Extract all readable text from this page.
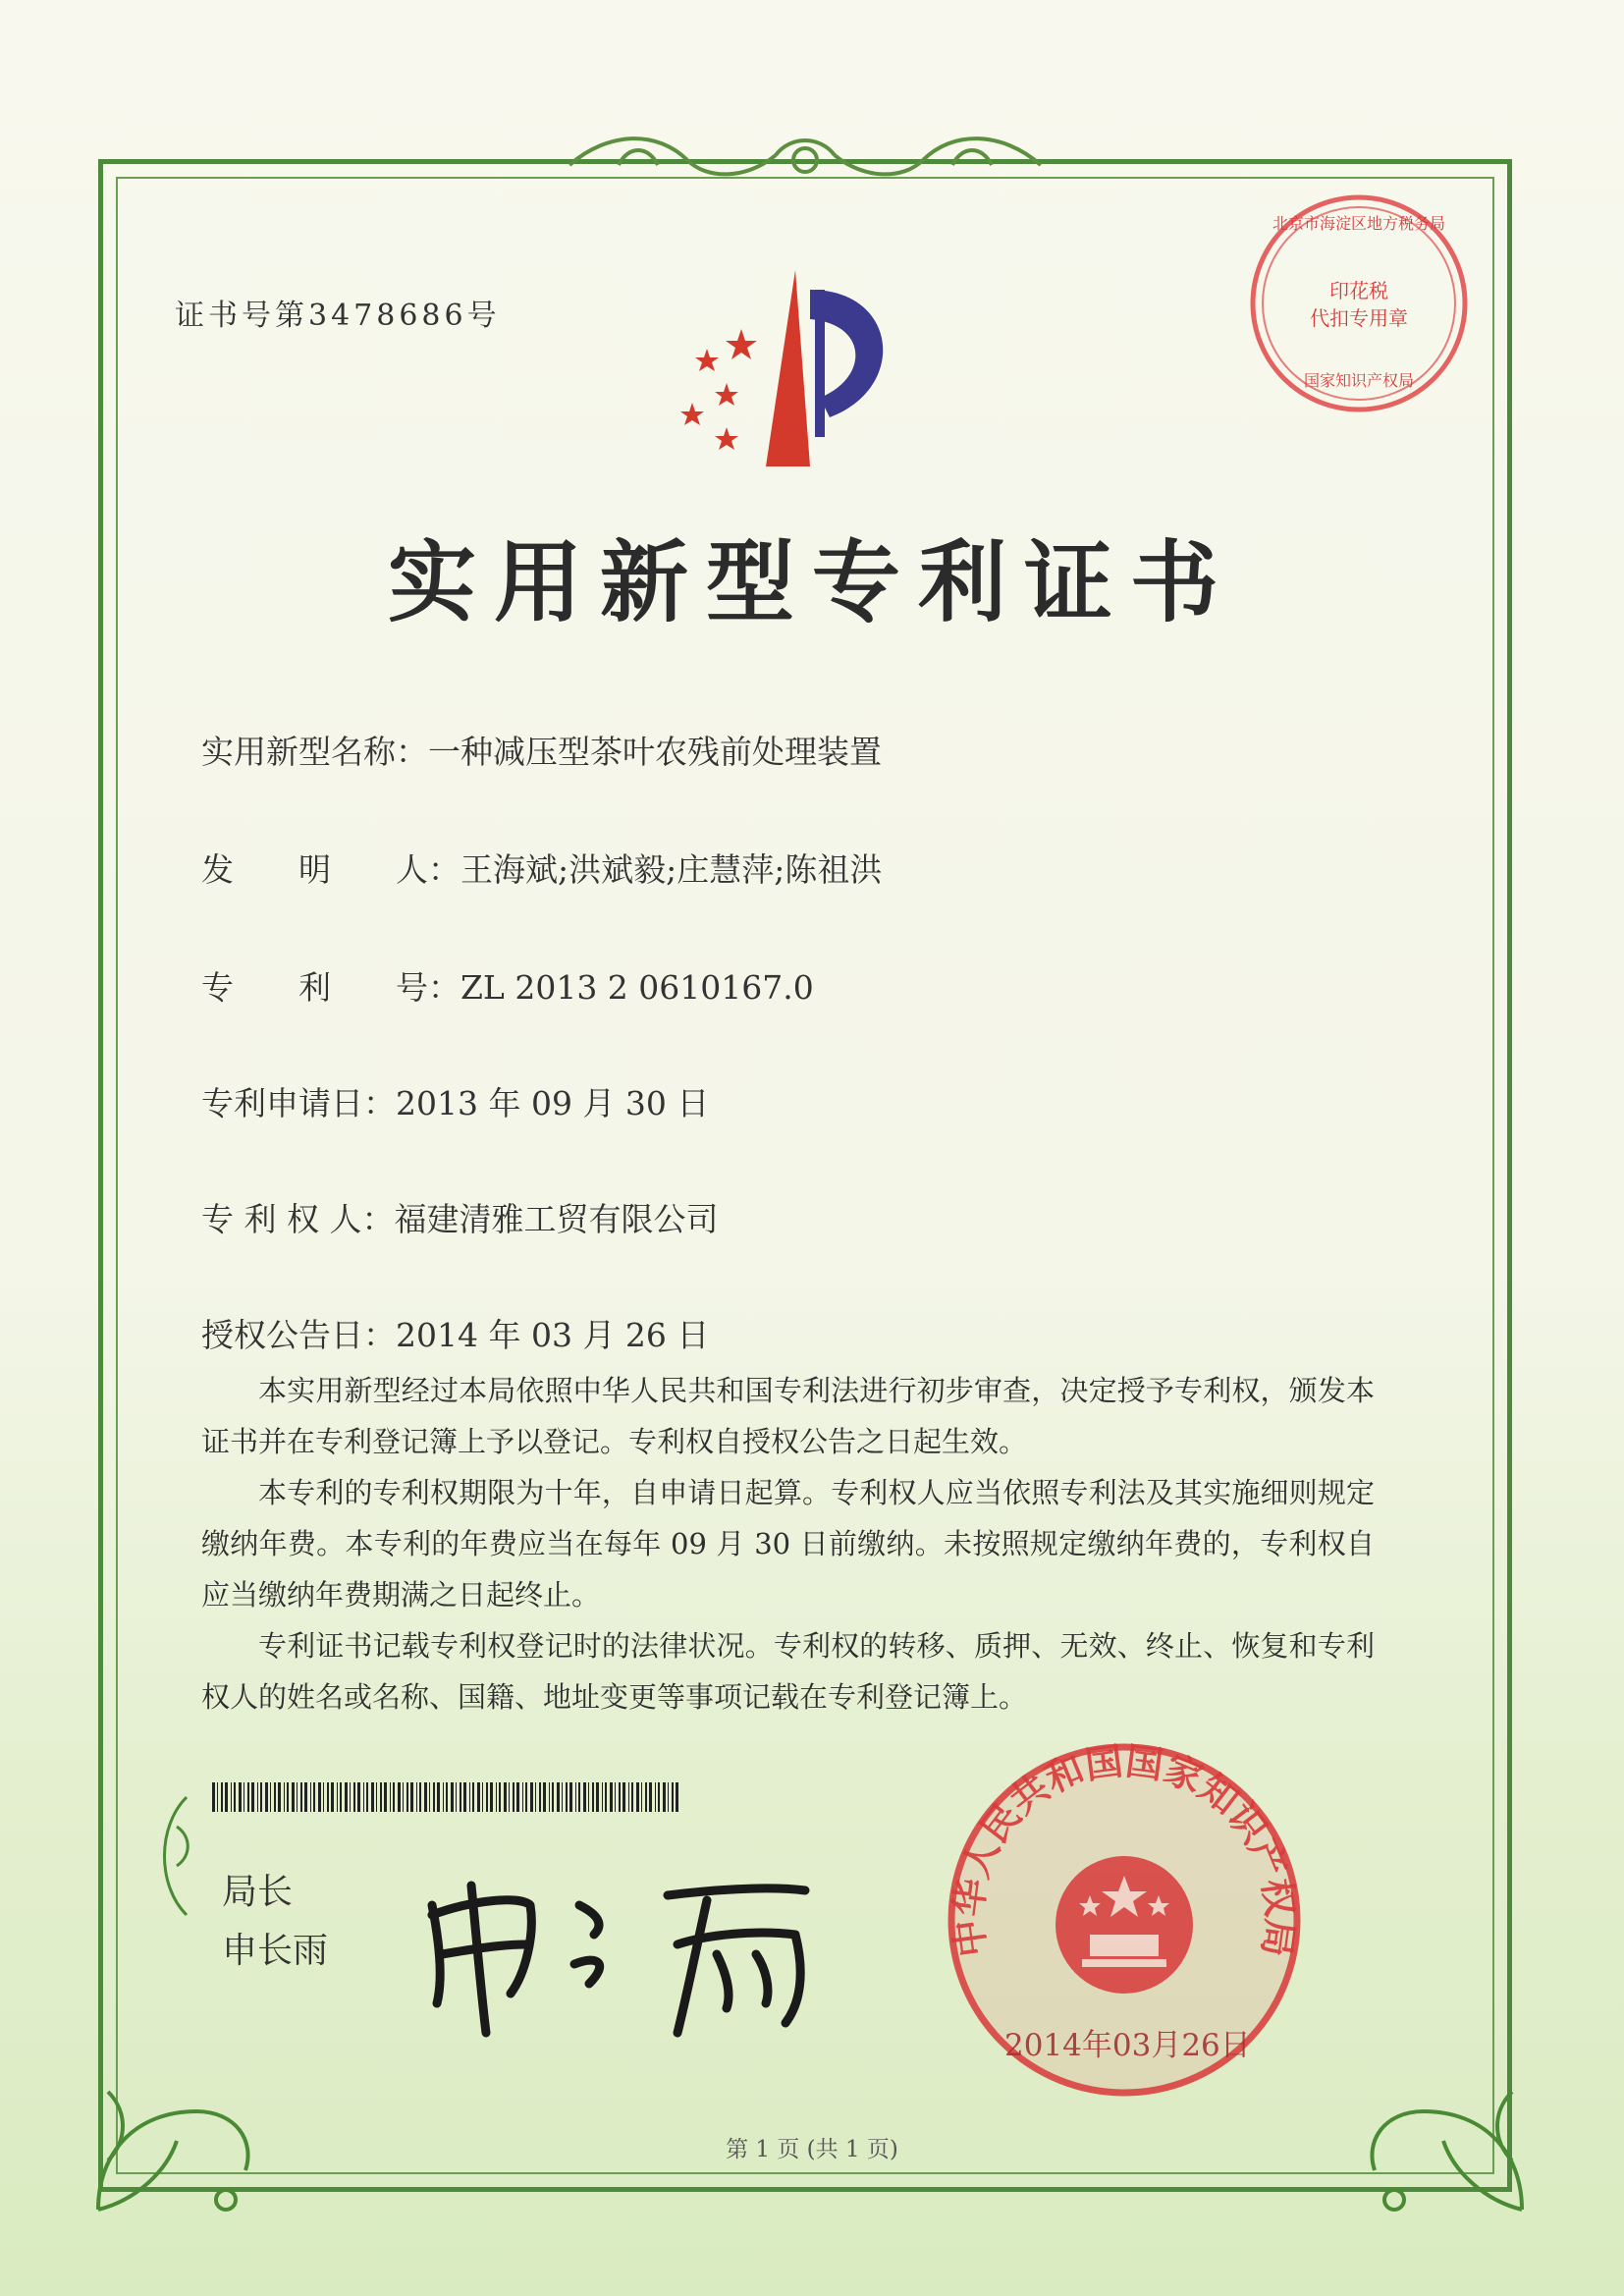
证书号第3478686号
印花税
代扣专用章
北京市海淀区地方税务局
国家知识产权局
实用新型专利证书
实用新型名称：一种减压型茶叶农残前处理装置
发　　明　　人：王海斌;洪斌毅;庄慧萍;陈祖洪
专　　利　　号：ZL 2013 2 0610167.0
专利申请日：2013 年 09 月 30 日
专 利 权 人：福建清雅工贸有限公司
授权公告日：2014 年 03 月 26 日

本实用新型经过本局依照中华人民共和国专利法进行初步审查，决定授予专利权，颁发本证书并在专利登记簿上予以登记。专利权自授权公告之日起生效。

本专利的专利权期限为十年，自申请日起算。专利权人应当依照专利法及其实施细则规定缴纳年费。本专利的年费应当在每年 09 月 30 日前缴纳。未按照规定缴纳年费的，专利权自应当缴纳年费期满之日起终止。

专利证书记载专利权登记时的法律状况。专利权的转移、质押、无效、终止、恢复和专利权人的姓名或名称、国籍、地址变更等事项记载在专利登记簿上。

局长
申长雨	中华人民共和国国家知识产权局
2014年03月26日
第 1 页 (共 1 页)
